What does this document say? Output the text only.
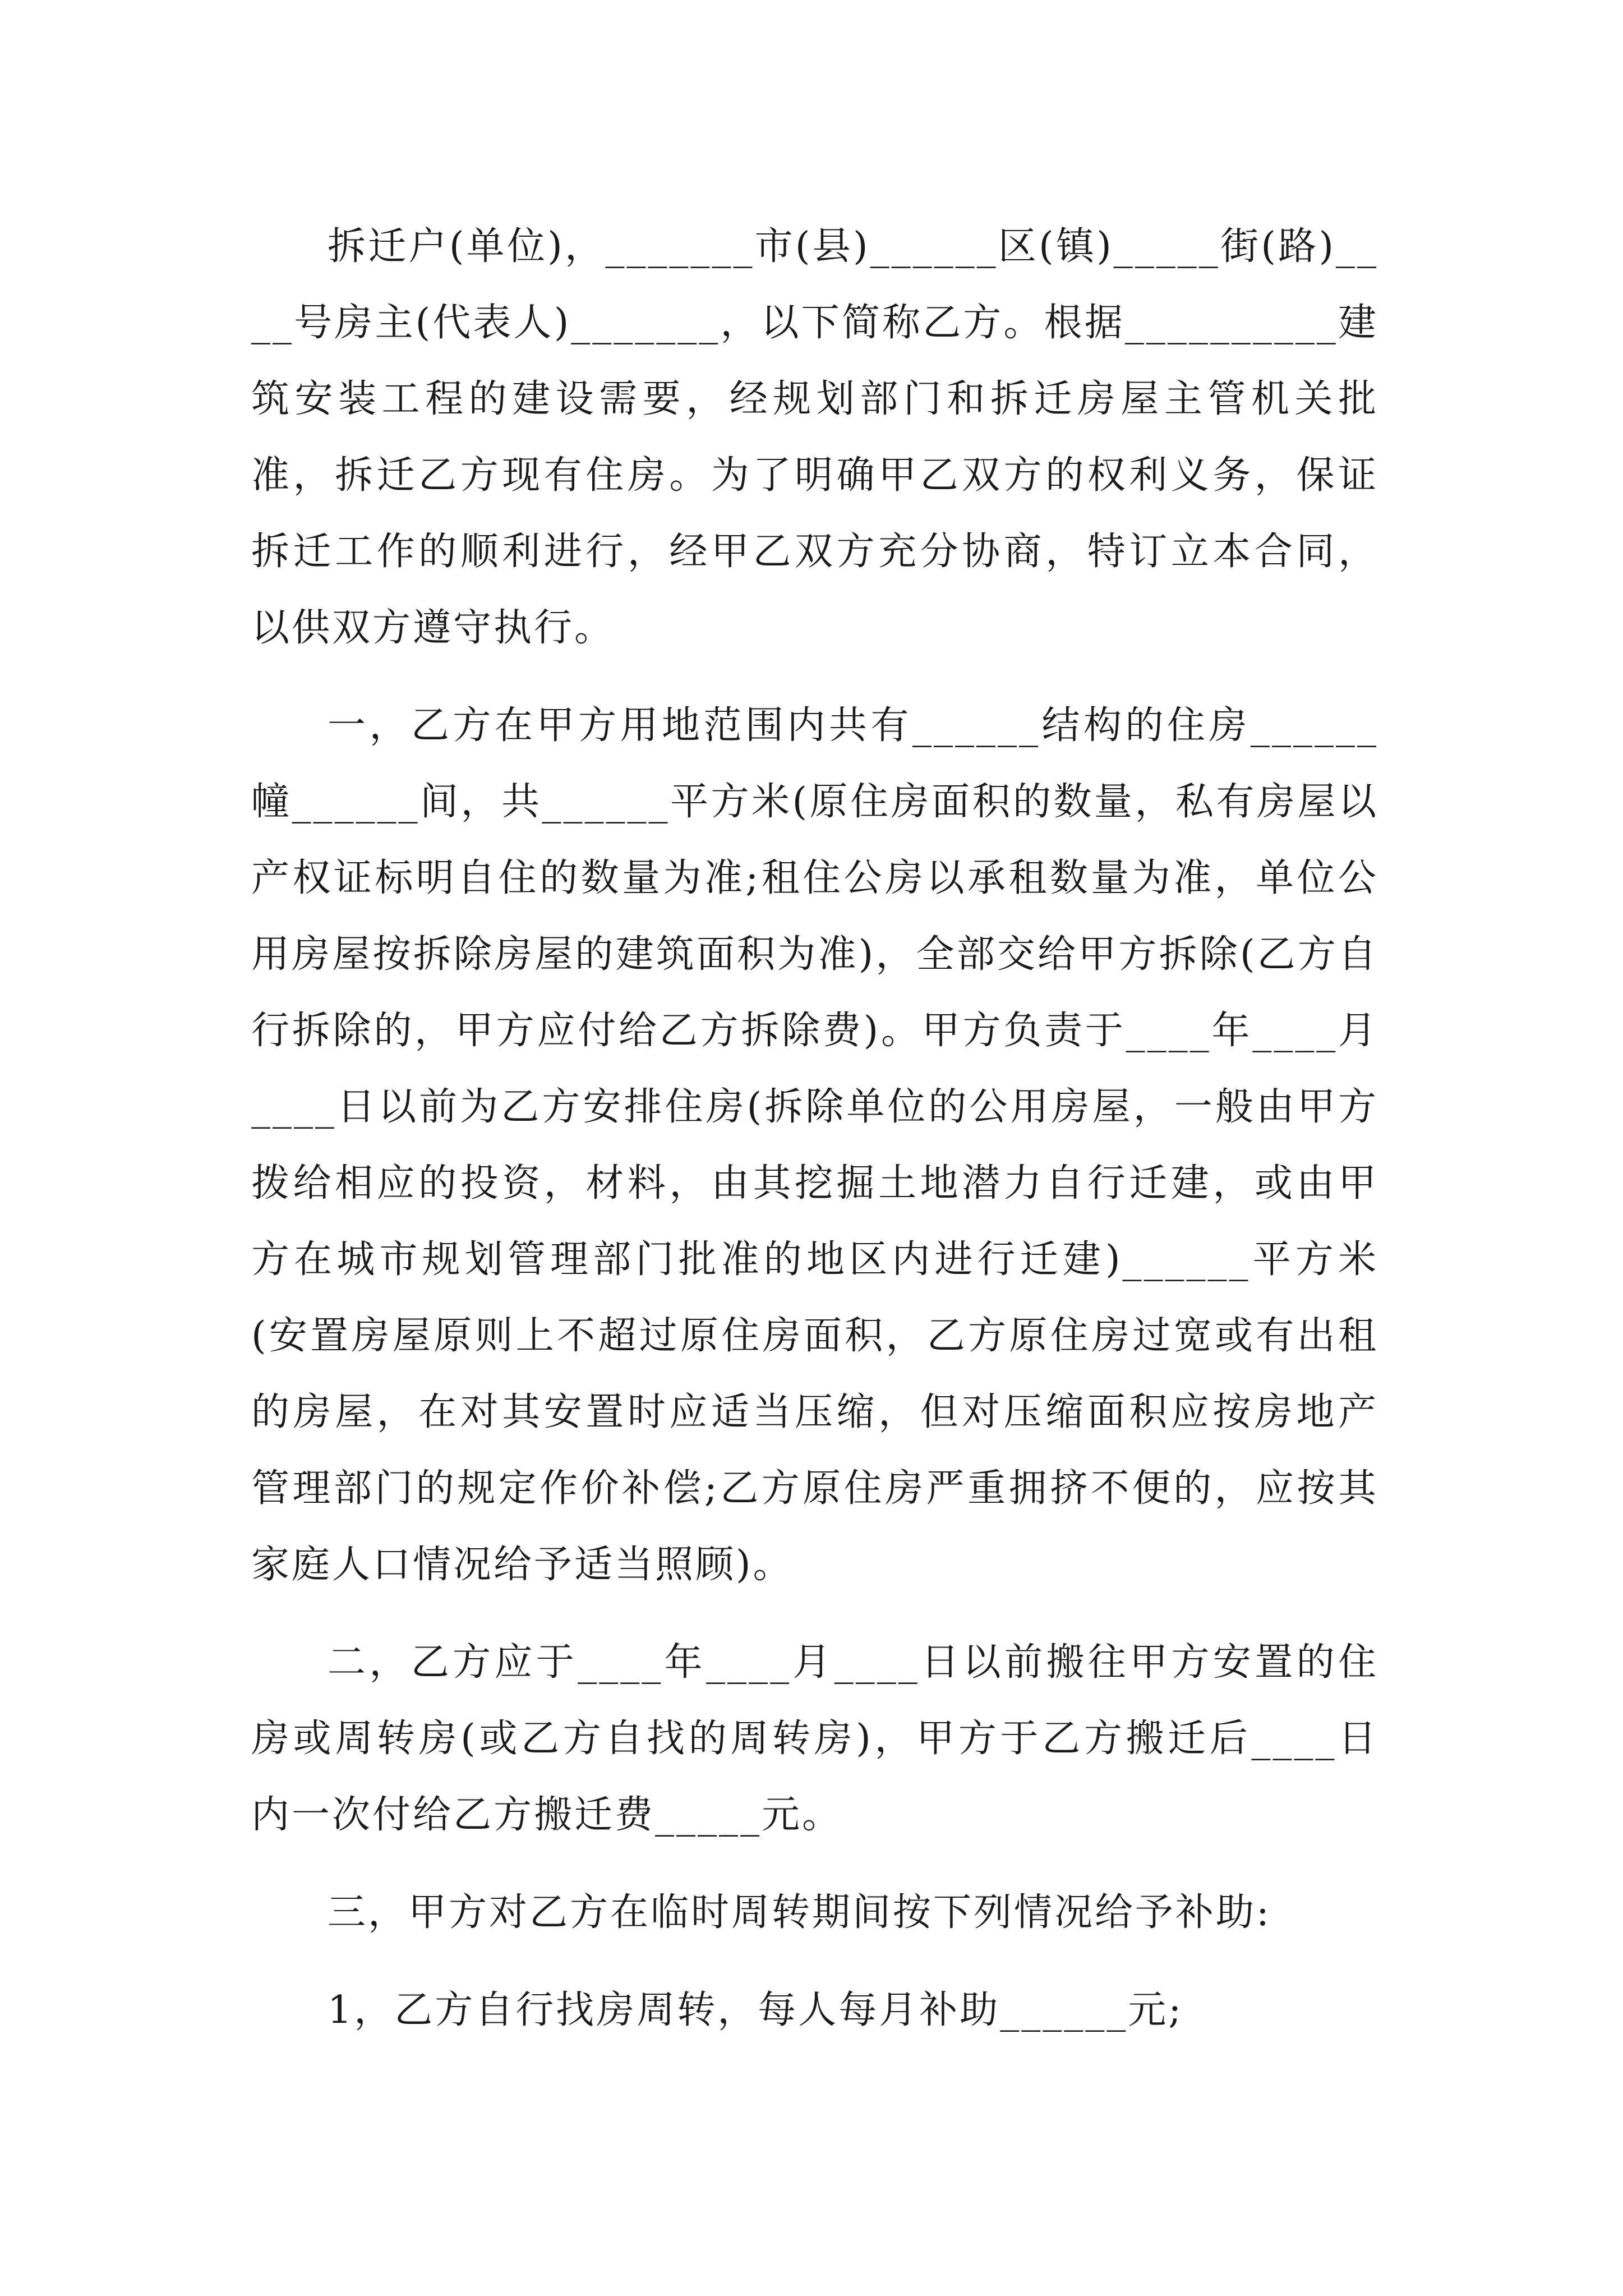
拆迁户(单位)，_______市(县)______区(镇)_____街(路)____号房主(代表人)_______，以下简称乙方。根据__________建筑安装工程的建设需要，经规划部门和拆迁房屋主管机关批准，拆迁乙方现有住房。为了明确甲乙双方的权利义务，保证拆迁工作的顺利进行，经甲乙双方充分协商，特订立本合同，以供双方遵守执行。

一，乙方在甲方用地范围内共有______结构的住房______幢______间，共______平方米(原住房面积的数量，私有房屋以产权证标明自住的数量为准;租住公房以承租数量为准，单位公用房屋按拆除房屋的建筑面积为准)，全部交给甲方拆除(乙方自行拆除的，甲方应付给乙方拆除费)。甲方负责于____年____月____日以前为乙方安排住房(拆除单位的公用房屋，一般由甲方拨给相应的投资，材料，由其挖掘土地潜力自行迁建，或由甲方在城市规划管理部门批准的地区内进行迁建)______平方米(安置房屋原则上不超过原住房面积，乙方原住房过宽或有出租的房屋，在对其安置时应适当压缩，但对压缩面积应按房地产管理部门的规定作价补偿;乙方原住房严重拥挤不便的，应按其家庭人口情况给予适当照顾)。

二，乙方应于____年____月____日以前搬往甲方安置的住房或周转房(或乙方自找的周转房)，甲方于乙方搬迁后____日内一次付给乙方搬迁费_____元。

三，甲方对乙方在临时周转期间按下列情况给予补助:

1，乙方自行找房周转，每人每月补助______元;
